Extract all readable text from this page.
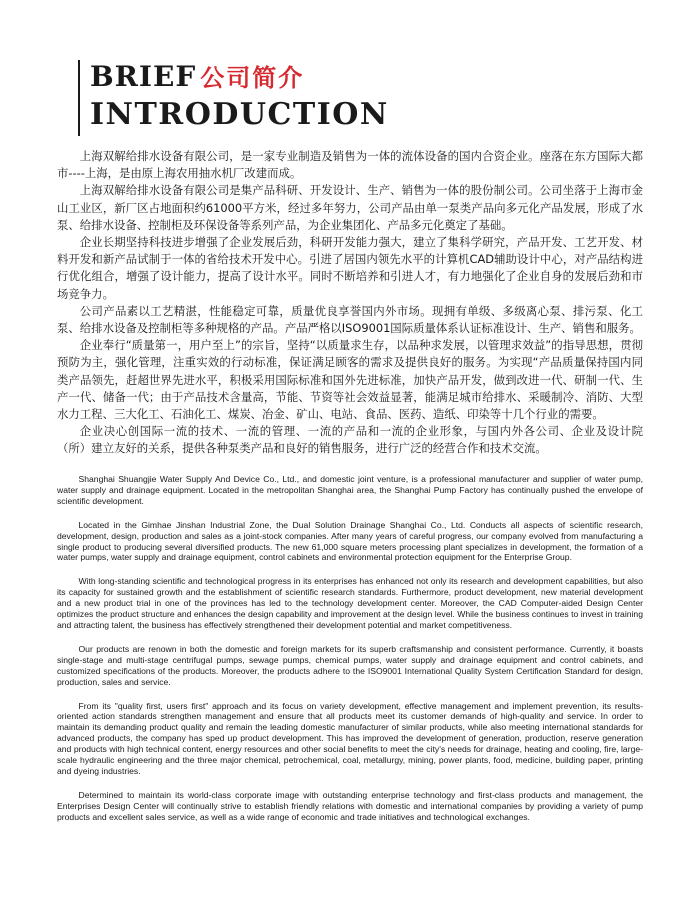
BRIEF 公司简介
INTRODUCTION

上海双解给排水设备有限公司，是一家专业制造及销售为一体的流体设备的国内合资企业。座落在东方国际大都市----上海，是由原上海农用抽水机厂改建而成。

上海双解给排水设备有限公司是集产品科研、开发设计、生产、销售为一体的股份制公司。公司坐落于上海市金山工业区，新厂区占地面积约61000平方米，经过多年努力，公司产品由单一泵类产品向多元化产品发展，形成了水泵、给排水设备、控制柜及环保设备等系列产品，为企业集团化、产品多元化奠定了基础。

企业长期坚持科技进步增强了企业发展后劲，科研开发能力强大，建立了集科学研究，产品开发、工艺开发、材料开发和新产品试制于一体的省给技术开发中心。引进了居国内领先水平的计算机CAD辅助设计中心，对产品结构进行优化组合，增强了设计能力，提高了设计水平。同时不断培养和引进人才，有力地强化了企业自身的发展后劲和市场竞争力。

公司产品素以工艺精湛，性能稳定可靠，质量优良享誉国内外市场。现拥有单级、多级离心泵、排污泵、化工泵、给排水设备及控制柜等多种规格的产品。产品严格以ISO9001国际质量体系认证标准设计、生产、销售和服务。

企业奉行“质量第一，用户至上”的宗旨，坚持“以质量求生存，以品种求发展，以管理求效益”的指导思想，贯彻预防为主，强化管理，注重实效的行动标准，保证满足顾客的需求及提供良好的服务。为实现“产品质量保持国内同类产品领先，赶超世界先进水平，积极采用国际标准和国外先进标准，加快产品开发，做到改进一代、研制一代、生产一代、储备一代；由于产品技术含量高，节能、节资等社会效益显著，能满足城市给排水、采暖制冷、消防、大型水力工程、三大化工、石油化工、煤炭、冶金、矿山、电站、食品、医药、造纸、印染等十几个行业的需要。

企业决心创国际一流的技术、一流的管理、一流的产品和一流的企业形象，与国内外各公司、企业及设计院（所）建立友好的关系，提供各种泵类产品和良好的销售服务，进行广泛的经营合作和技术交流。

Shanghai Shuangjie Water Supply And Device Co., Ltd., and domestic joint venture, is a professional manufacturer and supplier of water pump, water supply and drainage equipment. Located in the metropolitan Shanghai area, the Shanghai Pump Factory has continually pushed the envelope of scientific development.

Located in the Gimhae Jinshan Industrial Zone, the Dual Solution Drainage Shanghai Co., Ltd. Conducts all aspects of scientific research, development, design, production and sales as a joint-stock companies. After many years of careful progress, our company evolved from manufacturing a single product to producing several diversified products. The new 61,000 square meters processing plant specializes in development, the formation of a water pumps, water supply and drainage equipment, control cabinets and environmental protection equipment for the Enterprise Group.

With long-standing scientific and technological progress in its enterprises has enhanced not only its research and development capabilities, but also its capacity for sustained growth and the establishment of scientific research standards. Furthermore, product development, new material development and a new product trial in one of the provinces has led to the technology development center. Moreover, the CAD Computer-aided Design Center optimizes the product structure and enhances the design capability and improvement at the design level. While the business continues to invest in training and attracting talent, the business has effectively strengthened their development potential and market competitiveness.

Our products are renown in both the domestic and foreign markets for its superb craftsmanship and consistent performance. Currently, it boasts single-stage and multi-stage centrifugal pumps, sewage pumps, chemical pumps, water supply and drainage equipment and control cabinets, and customized specifications of the products. Moreover, the products adhere to the ISO9001 International Quality System Certification Standard for design, production, sales and service.

From its "quality first, users first" approach and its focus on variety development, effective management and implement prevention, its results-oriented action standards strengthen management and ensure that all products meet its customer demands of high-quality and service. In order to maintain its demanding product quality and remain the leading domestic manufacturer of similar products, while also meeting international standards for advanced products, the company has sped up product development. This has improved the development of generation, production, reserve generation and products with high technical content, energy resources and other social benefits to meet the city's needs for drainage, heating and cooling, fire, large-scale hydraulic engineering and the three major chemical, petrochemical, coal, metallurgy, mining, power plants, food, medicine, building paper, printing and dyeing industries.

Determined to maintain its world-class corporate image with outstanding enterprise technology and first-class products and management, the Enterprises Design Center will continually strive to establish friendly relations with domestic and international companies by providing a variety of pump products and excellent sales service, as well as a wide range of economic and trade initiatives and technological exchanges.
